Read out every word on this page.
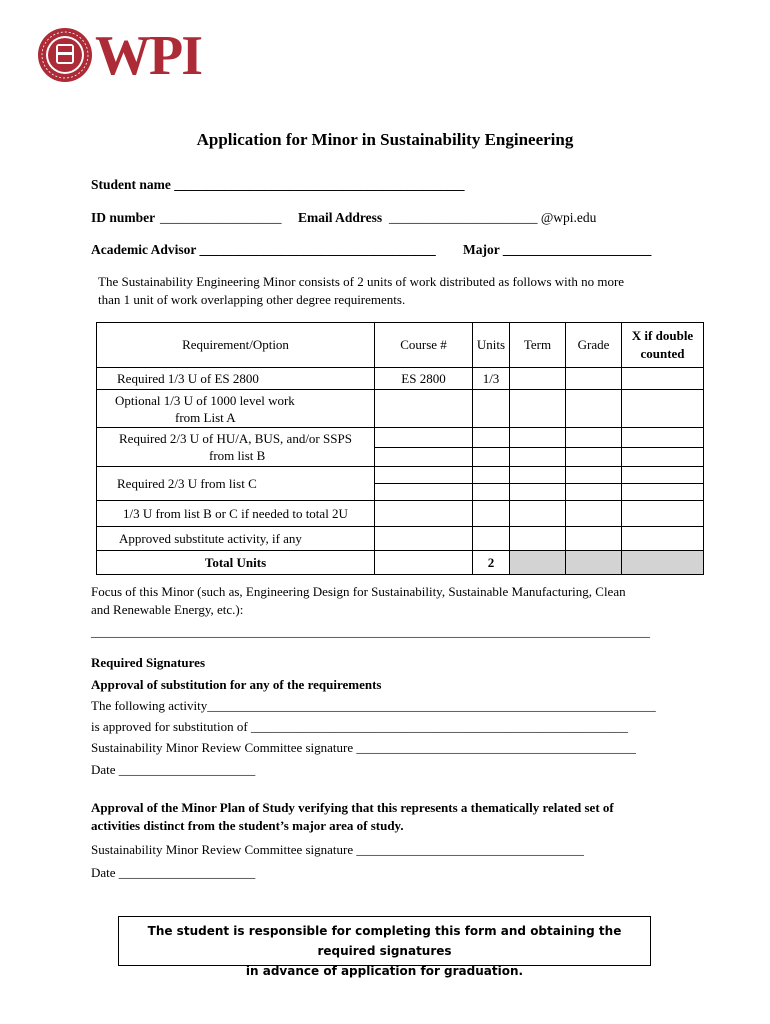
WPI
Application for Minor in Sustainability Engineering
Student name ___________________________________________
ID number __________________ Email Address ______________________ @wpi.edu
Academic Advisor ___________________________________ Major ______________________
The Sustainability Engineering Minor consists of 2 units of work distributed as follows with no more
than 1 unit of work overlapping other degree requirements.
Requirement/Option	Course #	Units	Term	Grade	X if double
counted

Required 1/3 U of ES 2800	ES 2800	1/3			

Optional 1/3 U of 1000 level work
from List A					

Required 2/3 U of HU/A, BUS, and/or SSPS
from list B					

Required 2/3 U from list C					

1/3 U from list B or C if needed to total 2U					
Approved substitute activity, if any					
Total Units		2			
Focus of this Minor (such as, Engineering Design for Sustainability, Sustainable Manufacturing, Clean
and Renewable Energy, etc.):
______________________________________________________________________________________
Required Signatures
Approval of substitution for any of the requirements
The following activity_____________________________________________________________________
is approved for substitution of __________________________________________________________
Sustainability Minor Review Committee signature ___________________________________________
Date _____________________
Approval of the Minor Plan of Study verifying that this represents a thematically related set of
activities distinct from the student’s major area of study.
Sustainability Minor Review Committee signature ___________________________________
Date _____________________
The student is responsible for completing this form and obtaining the required signatures
in advance of application for graduation.
